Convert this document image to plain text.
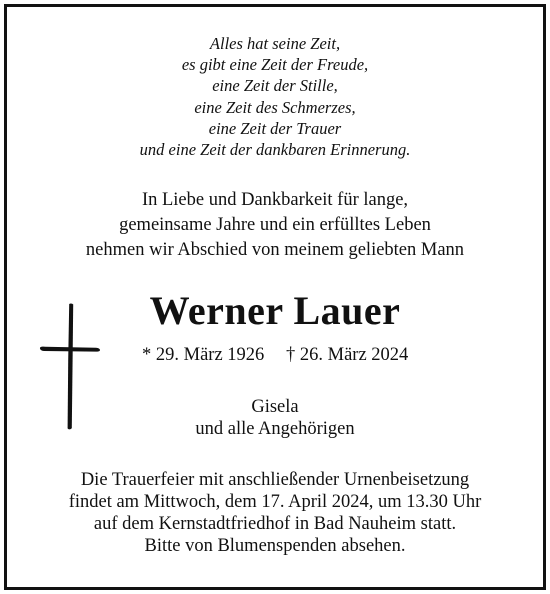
Alles hat seine Zeit,
es gibt eine Zeit der Freude,
eine Zeit der Stille,
eine Zeit des Schmerzes,
eine Zeit der Trauer
und eine Zeit der dankbaren Erinnerung.
In Liebe und Dankbarkeit für lange,
gemeinsame Jahre und ein erfülltes Leben
nehmen wir Abschied von meinem geliebten Mann
Werner Lauer
* 29. März 1926 † 26. März 2024
Gisela
und alle Angehörigen
Die Trauerfeier mit anschließender Urnenbeisetzung
findet am Mittwoch, dem 17. April 2024, um 13.30 Uhr
auf dem Kernstadtfriedhof in Bad Nauheim statt.
Bitte von Blumenspenden absehen.
